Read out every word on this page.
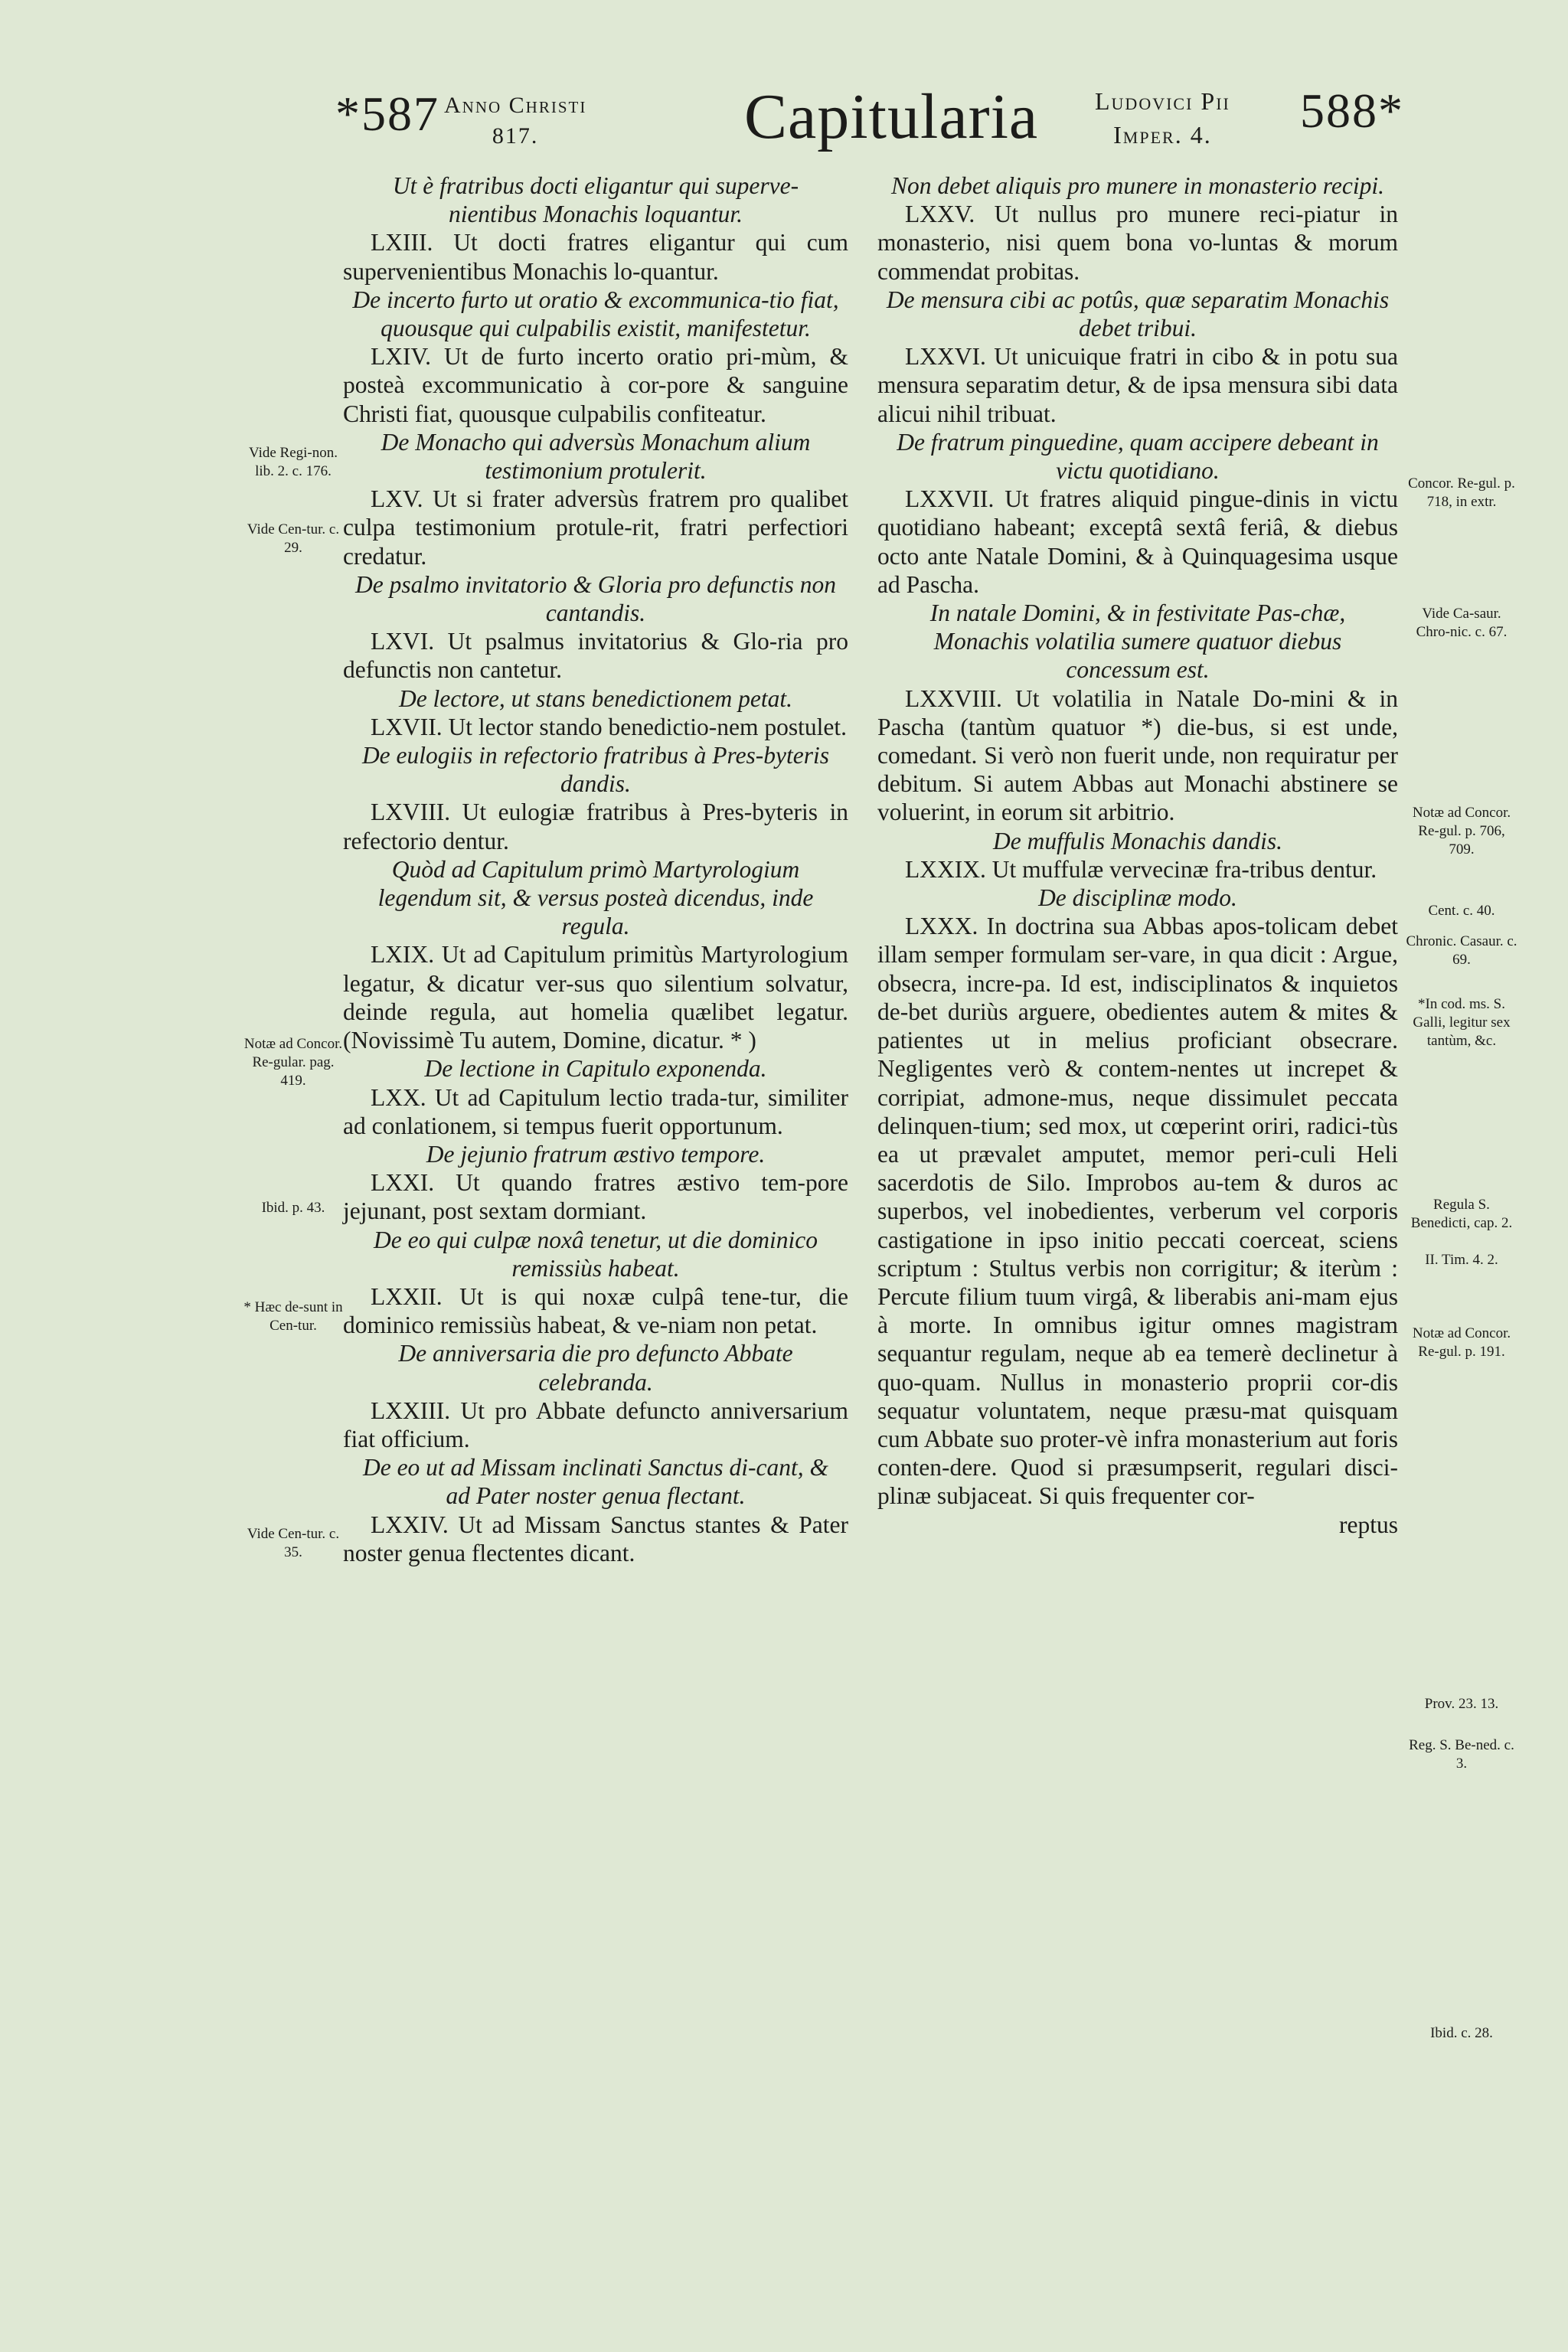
*587 Anno Christi
817.	Capitularia Ludovici Pii
Imper. 4.	588*

Ut è fratribus docti eligantur qui superve-nientibus Monachis loquantur.

LXIII. Ut docti fratres eligantur qui cum supervenientibus Monachis lo-quantur.

De incerto furto ut oratio & excommunica-tio fiat, quousque qui culpabilis existit, manifestetur.

LXIV. Ut de furto incerto oratio pri-mùm, & posteà excommunicatio à cor-pore & sanguine Christi fiat, quousque culpabilis confiteatur.

De Monacho qui adversùs Monachum alium testimonium protulerit.

LXV. Ut si frater adversùs fratrem pro qualibet culpa testimonium protule-rit, fratri perfectiori credatur.

De psalmo invitatorio & Gloria pro defunctis non cantandis.

LXVI. Ut psalmus invitatorius & Glo-ria pro defunctis non cantetur.

De lectore, ut stans benedictionem petat.

LXVII. Ut lector stando benedictio-nem postulet.

De eulogiis in refectorio fratribus à Pres-byteris dandis.

LXVIII. Ut eulogiæ fratribus à Pres-byteris in refectorio dentur.

Quòd ad Capitulum primò Martyrologium legendum sit, & versus posteà dicendus, inde regula.

LXIX. Ut ad Capitulum primitùs Martyrologium legatur, & dicatur ver-sus quo silentium solvatur, deinde regula, aut homelia quælibet legatur. (Novissimè Tu autem, Domine, dicatur. * )

De lectione in Capitulo exponenda.

LXX. Ut ad Capitulum lectio trada-tur, similiter ad conlationem, si tempus fuerit opportunum.

De jejunio fratrum æstivo tempore.

LXXI. Ut quando fratres æstivo tem-pore jejunant, post sextam dormiant.

De eo qui culpæ noxâ tenetur, ut die dominico remissiùs habeat.

LXXII. Ut is qui noxæ culpâ tene-tur, die dominico remissiùs habeat, & ve-niam non petat.

De anniversaria die pro defuncto Abbate celebranda.

LXXIII. Ut pro Abbate defuncto anniversarium fiat officium.

De eo ut ad Missam inclinati Sanctus di-cant, & ad Pater noster genua flectant.

LXXIV. Ut ad Missam Sanctus stantes & Pater noster genua flectentes dicant.

Non debet aliquis pro munere in monasterio recipi.

LXXV. Ut nullus pro munere reci-piatur in monasterio, nisi quem bona vo-luntas & morum commendat probitas.

De mensura cibi ac potûs, quæ separatim Monachis debet tribui.

LXXVI. Ut unicuique fratri in cibo & in potu sua mensura separatim detur, & de ipsa mensura sibi data alicui nihil tribuat.

De fratrum pinguedine, quam accipere debeant in victu quotidiano.

LXXVII. Ut fratres aliquid pingue-dinis in victu quotidiano habeant; exceptâ sextâ feriâ, & diebus octo ante Natale Domini, & à Quinquagesima usque ad Pascha.

In natale Domini, & in festivitate Pas-chæ, Monachis volatilia sumere quatuor diebus concessum est.

LXXVIII. Ut volatilia in Natale Do-mini & in Pascha (tantùm quatuor *) die-bus, si est unde, comedant. Si verò non fuerit unde, non requiratur per debitum. Si autem Abbas aut Monachi abstinere se voluerint, in eorum sit arbitrio.

De muffulis Monachis dandis.

LXXIX. Ut muffulæ vervecinæ fra-tribus dentur.

De disciplinæ modo.

LXXX. In doctrina sua Abbas apos-tolicam debet illam semper formulam ser-vare, in qua dicit : Argue, obsecra, incre-pa. Id est, indisciplinatos & inquietos de-bet duriùs arguere, obedientes autem & mites & patientes ut in melius proficiant obsecrare. Negligentes verò & contem-nentes ut increpet & corripiat, admone-mus, neque dissimulet peccata delinquen-tium; sed mox, ut cœperint oriri, radici-tùs ea ut prævalet amputet, memor peri-culi Heli sacerdotis de Silo. Improbos au-tem & duros ac superbos, vel inobedientes, verberum vel corporis castigatione in ipso initio peccati coerceat, sciens scriptum : Stultus verbis non corrigitur; & iterùm : Percute filium tuum virgâ, & liberabis ani-mam ejus à morte. In omnibus igitur omnes magistram sequantur regulam, neque ab ea temerè declinetur à quo-quam. Nullus in monasterio proprii cor-dis sequatur voluntatem, neque præsu-mat quisquam cum Abbate suo proter-vè infra monasterium aut foris conten-dere. Quod si præsumpserit, regulari disci-plinæ subjaceat. Si quis frequenter cor-

reptus

Vide Regi-non. lib. 2. c. 176.
Vide Cen-tur. c. 29.
Notæ ad Concor. Re-gular. pag. 419.
Ibid. p. 43.
* Hæc de-sunt in Cen-tur.
Vide Cen-tur. c. 35.
Concor. Re-gul. p. 718, in extr.
Vide Ca-saur. Chro-nic. c. 67.
Notæ ad Concor. Re-gul. p. 706, 709.
Cent. c. 40.
Chronic. Casaur. c. 69.
*In cod. ms. S. Galli, legitur sex tantùm, &c.
Regula S. Benedicti, cap. 2.
II. Tim. 4. 2.
Notæ ad Concor. Re-gul. p. 191.
Prov. 23. 13.
Reg. S. Be-ned. c. 3.
Ibid. c. 28.
